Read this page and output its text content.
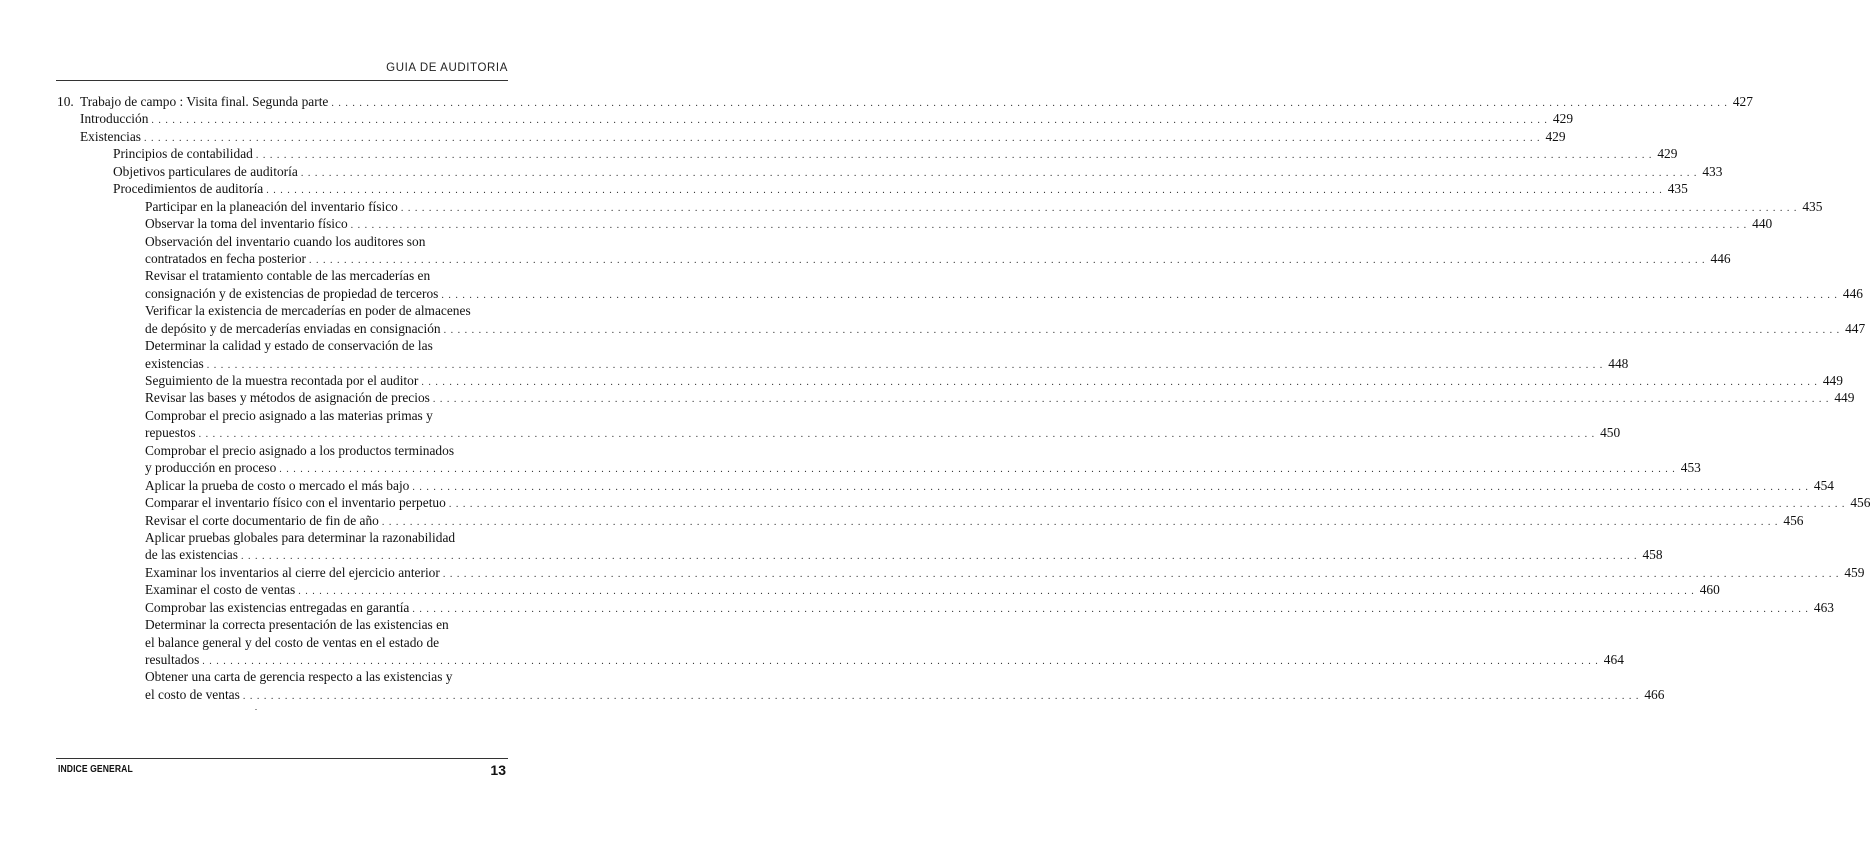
GUIA DE AUDITORIA
10. Trabajo de campo : Visita final. Segunda parte . . . . . . . . . . . . . . . . . . . . . . . . . . . . . . . . . . . . . . . . . . . . . . . . . . . . . . . . . . . . . . . . . . . . . . . . . . . . . . . . . . . . . . . . . . . . . . . . . . . . . . . . . . . . . . . . . . . . . . . . . . . . . . . . . . . . . . . . . . . . . . . . . . . . . . . . . . . . . . . . . . . . . . . . . . . . . . . . . . . . . . . . . . . . . . . . . . . . . . . . 427
Introducción . . . . . . . . . . . . . . . . . . . . . . . . . . . . . . . . . . . . . . . . . . . . . . . . . . . . . . . . . . . . . . . . . . . . . . . . . . . . . . . . . . . . . . . . . . . . . . . . . . . . . . . . . . . . . . . . . . . . . . . . . . . . . . . . . . . . . . . . . . . . . . . . . . . . . . . . . . . . . . . . . . . . . . . . . . . . . . . . . . . . . . . . . . . . . . . . . . . . . . . . 429
Existencias . . . . . . . . . . . . . . . . . . . . . . . . . . . . . . . . . . . . . . . . . . . . . . . . . . . . . . . . . . . . . . . . . . . . . . . . . . . . . . . . . . . . . . . . . . . . . . . . . . . . . . . . . . . . . . . . . . . . . . . . . . . . . . . . . . . . . . . . . . . . . . . . . . . . . . . . . . . . . . . . . . . . . . . . . . . . . . . . . . . . . . . . . . . . . . . . . . . . . . . . 429
Principios de contabilidad . . . . . . . . . . . . . . . . . . . . . . . . . . . . . . . . . . . . . . . . . . . . . . . . . . . . . . . . . . . . . . . . . . . . . . . . . . . . . . . . . . . . . . . . . . . . . . . . . . . . . . . . . . . . . . . . . . . . . . . . . . . . . . . . . . . . . . . . . . . . . . . . . . . . . . . . . . . . . . . . . . . . . . . . . . . . . . . . . . . . . . . . . . . . . . . . . . . . . . . . 429
Objetivos particulares de auditoría . . . . . . . . . . . . . . . . . . . . . . . . . . . . . . . . . . . . . . . . . . . . . . . . . . . . . . . . . . . . . . . . . . . . . . . . . . . . . . . . . . . . . . . . . . . . . . . . . . . . . . . . . . . . . . . . . . . . . . . . . . . . . . . . . . . . . . . . . . . . . . . . . . . . . . . . . . . . . . . . . . . . . . . . . . . . . . . . . . . . . . . . . . . . . . . . . . . . . . . . 433
Procedimientos de auditoría . . . . . . . . . . . . . . . . . . . . . . . . . . . . . . . . . . . . . . . . . . . . . . . . . . . . . . . . . . . . . . . . . . . . . . . . . . . . . . . . . . . . . . . . . . . . . . . . . . . . . . . . . . . . . . . . . . . . . . . . . . . . . . . . . . . . . . . . . . . . . . . . . . . . . . . . . . . . . . . . . . . . . . . . . . . . . . . . . . . . . . . . . . . . . . . . . . . . . . . . 435
Participar en la planeación del inventario físico . . . . . . . . . . . . . . . . . . . . . . . . . . . . . . . . . . . . . . . . . . . . . . . . . . . . . . . . . . . . . . . . . . . . . . . . . . . . . . . . . . . . . . . . . . . . . . . . . . . . . . . . . . . . . . . . . . . . . . . . . . . . . . . . . . . . . . . . . . . . . . . . . . . . . . . . . . . . . . . . . . . . . . . . . . . . . . . . . . . . . . . . . . . . . . . . . . . . . . . . 435
Observar la toma del inventario físico . . . . . . . . . . . . . . . . . . . . . . . . . . . . . . . . . . . . . . . . . . . . . . . . . . . . . . . . . . . . . . . . . . . . . . . . . . . . . . . . . . . . . . . . . . . . . . . . . . . . . . . . . . . . . . . . . . . . . . . . . . . . . . . . . . . . . . . . . . . . . . . . . . . . . . . . . . . . . . . . . . . . . . . . . . . . . . . . . . . . . . . . . . . . . . . . . . . . . . . . 440
Observación del inventario cuando los auditores son
contratados en fecha posterior . . . . . . . . . . . . . . . . . . . . . . . . . . . . . . . . . . . . . . . . . . . . . . . . . . . . . . . . . . . . . . . . . . . . . . . . . . . . . . . . . . . . . . . . . . . . . . . . . . . . . . . . . . . . . . . . . . . . . . . . . . . . . . . . . . . . . . . . . . . . . . . . . . . . . . . . . . . . . . . . . . . . . . . . . . . . . . . . . . . . . . . . . . . . . . . . . . . . . . . . 446
Revisar el tratamiento contable de las mercaderías en
consignación y de existencias de propiedad de terceros . . . . . . . . . . . . . . . . . . . . . . . . . . . . . . . . . . . . . . . . . . . . . . . . . . . . . . . . . . . . . . . . . . . . . . . . . . . . . . . . . . . . . . . . . . . . . . . . . . . . . . . . . . . . . . . . . . . . . . . . . . . . . . . . . . . . . . . . . . . . . . . . . . . . . . . . . . . . . . . . . . . . . . . . . . . . . . . . . . . . . . . . . . . . . . . . . . . . . . . . 446
Verificar la existencia de mercaderías en poder de almacenes
de depósito y de mercaderías enviadas en consignación . . . . . . . . . . . . . . . . . . . . . . . . . . . . . . . . . . . . . . . . . . . . . . . . . . . . . . . . . . . . . . . . . . . . . . . . . . . . . . . . . . . . . . . . . . . . . . . . . . . . . . . . . . . . . . . . . . . . . . . . . . . . . . . . . . . . . . . . . . . . . . . . . . . . . . . . . . . . . . . . . . . . . . . . . . . . . . . . . . . . . . . . . . . . . . . . . . . . . . . . 447
Determinar la calidad y estado de conservación de las
existencias . . . . . . . . . . . . . . . . . . . . . . . . . . . . . . . . . . . . . . . . . . . . . . . . . . . . . . . . . . . . . . . . . . . . . . . . . . . . . . . . . . . . . . . . . . . . . . . . . . . . . . . . . . . . . . . . . . . . . . . . . . . . . . . . . . . . . . . . . . . . . . . . . . . . . . . . . . . . . . . . . . . . . . . . . . . . . . . . . . . . . . . . . . . . . . . . . . . . . . . . 448
Seguimiento de la muestra recontada por el auditor . . . . . . . . . . . . . . . . . . . . . . . . . . . . . . . . . . . . . . . . . . . . . . . . . . . . . . . . . . . . . . . . . . . . . . . . . . . . . . . . . . . . . . . . . . . . . . . . . . . . . . . . . . . . . . . . . . . . . . . . . . . . . . . . . . . . . . . . . . . . . . . . . . . . . . . . . . . . . . . . . . . . . . . . . . . . . . . . . . . . . . . . . . . . . . . . . . . . . . . . 449
Revisar las bases y métodos de asignación de precios . . . . . . . . . . . . . . . . . . . . . . . . . . . . . . . . . . . . . . . . . . . . . . . . . . . . . . . . . . . . . . . . . . . . . . . . . . . . . . . . . . . . . . . . . . . . . . . . . . . . . . . . . . . . . . . . . . . . . . . . . . . . . . . . . . . . . . . . . . . . . . . . . . . . . . . . . . . . . . . . . . . . . . . . . . . . . . . . . . . . . . . . . . . . . . . . . . . . . . . . 449
Comprobar el precio asignado a las materias primas y
repuestos . . . . . . . . . . . . . . . . . . . . . . . . . . . . . . . . . . . . . . . . . . . . . . . . . . . . . . . . . . . . . . . . . . . . . . . . . . . . . . . . . . . . . . . . . . . . . . . . . . . . . . . . . . . . . . . . . . . . . . . . . . . . . . . . . . . . . . . . . . . . . . . . . . . . . . . . . . . . . . . . . . . . . . . . . . . . . . . . . . . . . . . . . . . . . . . . . . . . . . . . 450
Comprobar el precio asignado a los productos terminados
y producción en proceso . . . . . . . . . . . . . . . . . . . . . . . . . . . . . . . . . . . . . . . . . . . . . . . . . . . . . . . . . . . . . . . . . . . . . . . . . . . . . . . . . . . . . . . . . . . . . . . . . . . . . . . . . . . . . . . . . . . . . . . . . . . . . . . . . . . . . . . . . . . . . . . . . . . . . . . . . . . . . . . . . . . . . . . . . . . . . . . . . . . . . . . . . . . . . . . . . . . . . . . . 453
Aplicar la prueba de costo o mercado el más bajo . . . . . . . . . . . . . . . . . . . . . . . . . . . . . . . . . . . . . . . . . . . . . . . . . . . . . . . . . . . . . . . . . . . . . . . . . . . . . . . . . . . . . . . . . . . . . . . . . . . . . . . . . . . . . . . . . . . . . . . . . . . . . . . . . . . . . . . . . . . . . . . . . . . . . . . . . . . . . . . . . . . . . . . . . . . . . . . . . . . . . . . . . . . . . . . . . . . . . . . . 454
Comparar el inventario físico con el inventario perpetuo . . . . . . . . . . . . . . . . . . . . . . . . . . . . . . . . . . . . . . . . . . . . . . . . . . . . . . . . . . . . . . . . . . . . . . . . . . . . . . . . . . . . . . . . . . . . . . . . . . . . . . . . . . . . . . . . . . . . . . . . . . . . . . . . . . . . . . . . . . . . . . . . . . . . . . . . . . . . . . . . . . . . . . . . . . . . . . . . . . . . . . . . . . . . . . . . . . . . . . . . 456
Revisar el corte documentario de fin de año . . . . . . . . . . . . . . . . . . . . . . . . . . . . . . . . . . . . . . . . . . . . . . . . . . . . . . . . . . . . . . . . . . . . . . . . . . . . . . . . . . . . . . . . . . . . . . . . . . . . . . . . . . . . . . . . . . . . . . . . . . . . . . . . . . . . . . . . . . . . . . . . . . . . . . . . . . . . . . . . . . . . . . . . . . . . . . . . . . . . . . . . . . . . . . . . . . . . . . . . 456
Aplicar pruebas globales para determinar la razonabilidad
de las existencias . . . . . . . . . . . . . . . . . . . . . . . . . . . . . . . . . . . . . . . . . . . . . . . . . . . . . . . . . . . . . . . . . . . . . . . . . . . . . . . . . . . . . . . . . . . . . . . . . . . . . . . . . . . . . . . . . . . . . . . . . . . . . . . . . . . . . . . . . . . . . . . . . . . . . . . . . . . . . . . . . . . . . . . . . . . . . . . . . . . . . . . . . . . . . . . . . . . . . . . . 458
Examinar los inventarios al cierre del ejercicio anterior . . . . . . . . . . . . . . . . . . . . . . . . . . . . . . . . . . . . . . . . . . . . . . . . . . . . . . . . . . . . . . . . . . . . . . . . . . . . . . . . . . . . . . . . . . . . . . . . . . . . . . . . . . . . . . . . . . . . . . . . . . . . . . . . . . . . . . . . . . . . . . . . . . . . . . . . . . . . . . . . . . . . . . . . . . . . . . . . . . . . . . . . . . . . . . . . . . . . . . . . 459
Examinar el costo de ventas . . . . . . . . . . . . . . . . . . . . . . . . . . . . . . . . . . . . . . . . . . . . . . . . . . . . . . . . . . . . . . . . . . . . . . . . . . . . . . . . . . . . . . . . . . . . . . . . . . . . . . . . . . . . . . . . . . . . . . . . . . . . . . . . . . . . . . . . . . . . . . . . . . . . . . . . . . . . . . . . . . . . . . . . . . . . . . . . . . . . . . . . . . . . . . . . . . . . . . . . 460
Comprobar las existencias entregadas en garantía . . . . . . . . . . . . . . . . . . . . . . . . . . . . . . . . . . . . . . . . . . . . . . . . . . . . . . . . . . . . . . . . . . . . . . . . . . . . . . . . . . . . . . . . . . . . . . . . . . . . . . . . . . . . . . . . . . . . . . . . . . . . . . . . . . . . . . . . . . . . . . . . . . . . . . . . . . . . . . . . . . . . . . . . . . . . . . . . . . . . . . . . . . . . . . . . . . . . . . . . 463
Determinar la correcta presentación de las existencias en
el balance general y del costo de ventas en el estado de
resultados . . . . . . . . . . . . . . . . . . . . . . . . . . . . . . . . . . . . . . . . . . . . . . . . . . . . . . . . . . . . . . . . . . . . . . . . . . . . . . . . . . . . . . . . . . . . . . . . . . . . . . . . . . . . . . . . . . . . . . . . . . . . . . . . . . . . . . . . . . . . . . . . . . . . . . . . . . . . . . . . . . . . . . . . . . . . . . . . . . . . . . . . . . . . . . . . . . . . . . . . 464
Obtener una carta de gerencia respecto a las existencias y
el costo de ventas . . . . . . . . . . . . . . . . . . . . . . . . . . . . . . . . . . . . . . . . . . . . . . . . . . . . . . . . . . . . . . . . . . . . . . . . . . . . . . . . . . . . . . . . . . . . . . . . . . . . . . . . . . . . . . . . . . . . . . . . . . . . . . . . . . . . . . . . . . . . . . . . . . . . . . . . . . . . . . . . . . . . . . . . . . . . . . . . . . . . . . . . . . . . . . . . . . . . . . . . 466
INDICE GENERAL	13
